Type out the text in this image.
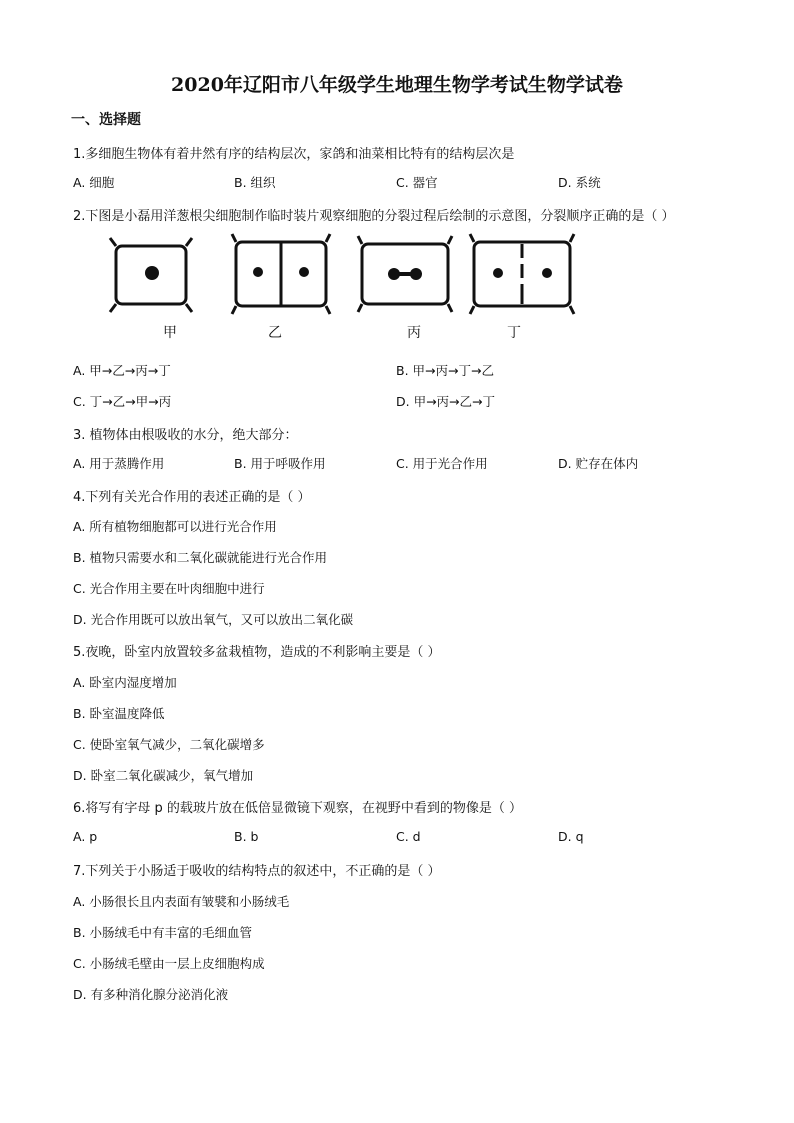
2020年辽阳市八年级学生地理生物学考试生物学试卷
一、选择题
1.多细胞生物体有着井然有序的结构层次，家鸽和油菜相比特有的结构层次是
A. 细胞	B. 组织	C. 器官	D. 系统
2.下图是小磊用洋葱根尖细胞制作临时装片观察细胞的分裂过程后绘制的示意图，分裂顺序正确的是（ ）
甲	乙	丙	丁
A. 甲→乙→丙→丁	B. 甲→丙→丁→乙
C. 丁→乙→甲→丙	D. 甲→丙→乙→丁
3. 植物体由根吸收的水分，绝大部分：
A. 用于蒸腾作用	B. 用于呼吸作用	C. 用于光合作用	D. 贮存在体内
4.下列有关光合作用的表述正确的是（ ）
A. 所有植物细胞都可以进行光合作用
B. 植物只需要水和二氧化碳就能进行光合作用
C. 光合作用主要在叶肉细胞中进行
D. 光合作用既可以放出氧气，又可以放出二氧化碳
5.夜晚，卧室内放置较多盆栽植物，造成的不利影响主要是（ ）
A. 卧室内湿度增加
B. 卧室温度降低
C. 使卧室氧气减少，二氧化碳增多
D. 卧室二氧化碳减少，氧气增加
6.将写有字母 p 的载玻片放在低倍显微镜下观察，在视野中看到的物像是（ ）
A. p	B. b	C. d	D. q
7.下列关于小肠适于吸收的结构特点的叙述中，不正确的是（ ）
A. 小肠很长且内表面有皱襞和小肠绒毛
B. 小肠绒毛中有丰富的毛细血管
C. 小肠绒毛壁由一层上皮细胞构成
D. 有多种消化腺分泌消化液
